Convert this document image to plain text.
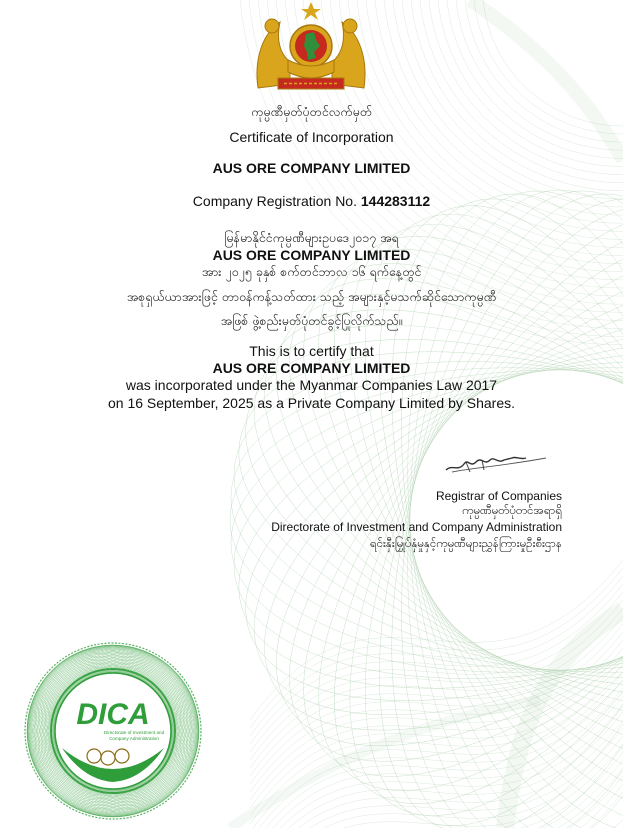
ကုမ္ပဏီမှတ်ပုံတင်လက်မှတ်
Certificate of Incorporation
AUS ORE COMPANY LIMITED
Company Registration No. 144283112
မြန်မာနိုင်ငံကုမ္ပဏီများဥပဒေ၂၀၁၇ အရ
AUS ORE COMPANY LIMITED
အား ၂၀၂၅ ခုနှစ် စက်တင်ဘာလ ၁၆ ရက်နေ့တွင်
အစုရှယ်ယာအားဖြင့် တာဝန်ကန့်သတ်ထား သည့် အများနှင့်မသက်ဆိုင်သောကုမ္ပဏီ
အဖြစ် ဖွဲ့စည်းမှတ်ပုံတင်ခွင့်ပြုလိုက်သည်။
This is to certify that
AUS ORE COMPANY LIMITED
was incorporated under the Myanmar Companies Law 2017
on 16 September, 2025 as a Private Company Limited by Shares.
Registrar of Companies
ကုမ္ပဏီမှတ်ပုံတင်အရာရှိ
Directorate of Investment and Company Administration
ရင်းနှီးမြှုပ်နှံမှုနှင့်ကုမ္ပဏီများညွှန်ကြားမှုဦးစီးဌာန
DICA
Directorate of Investment and
Company Administration
